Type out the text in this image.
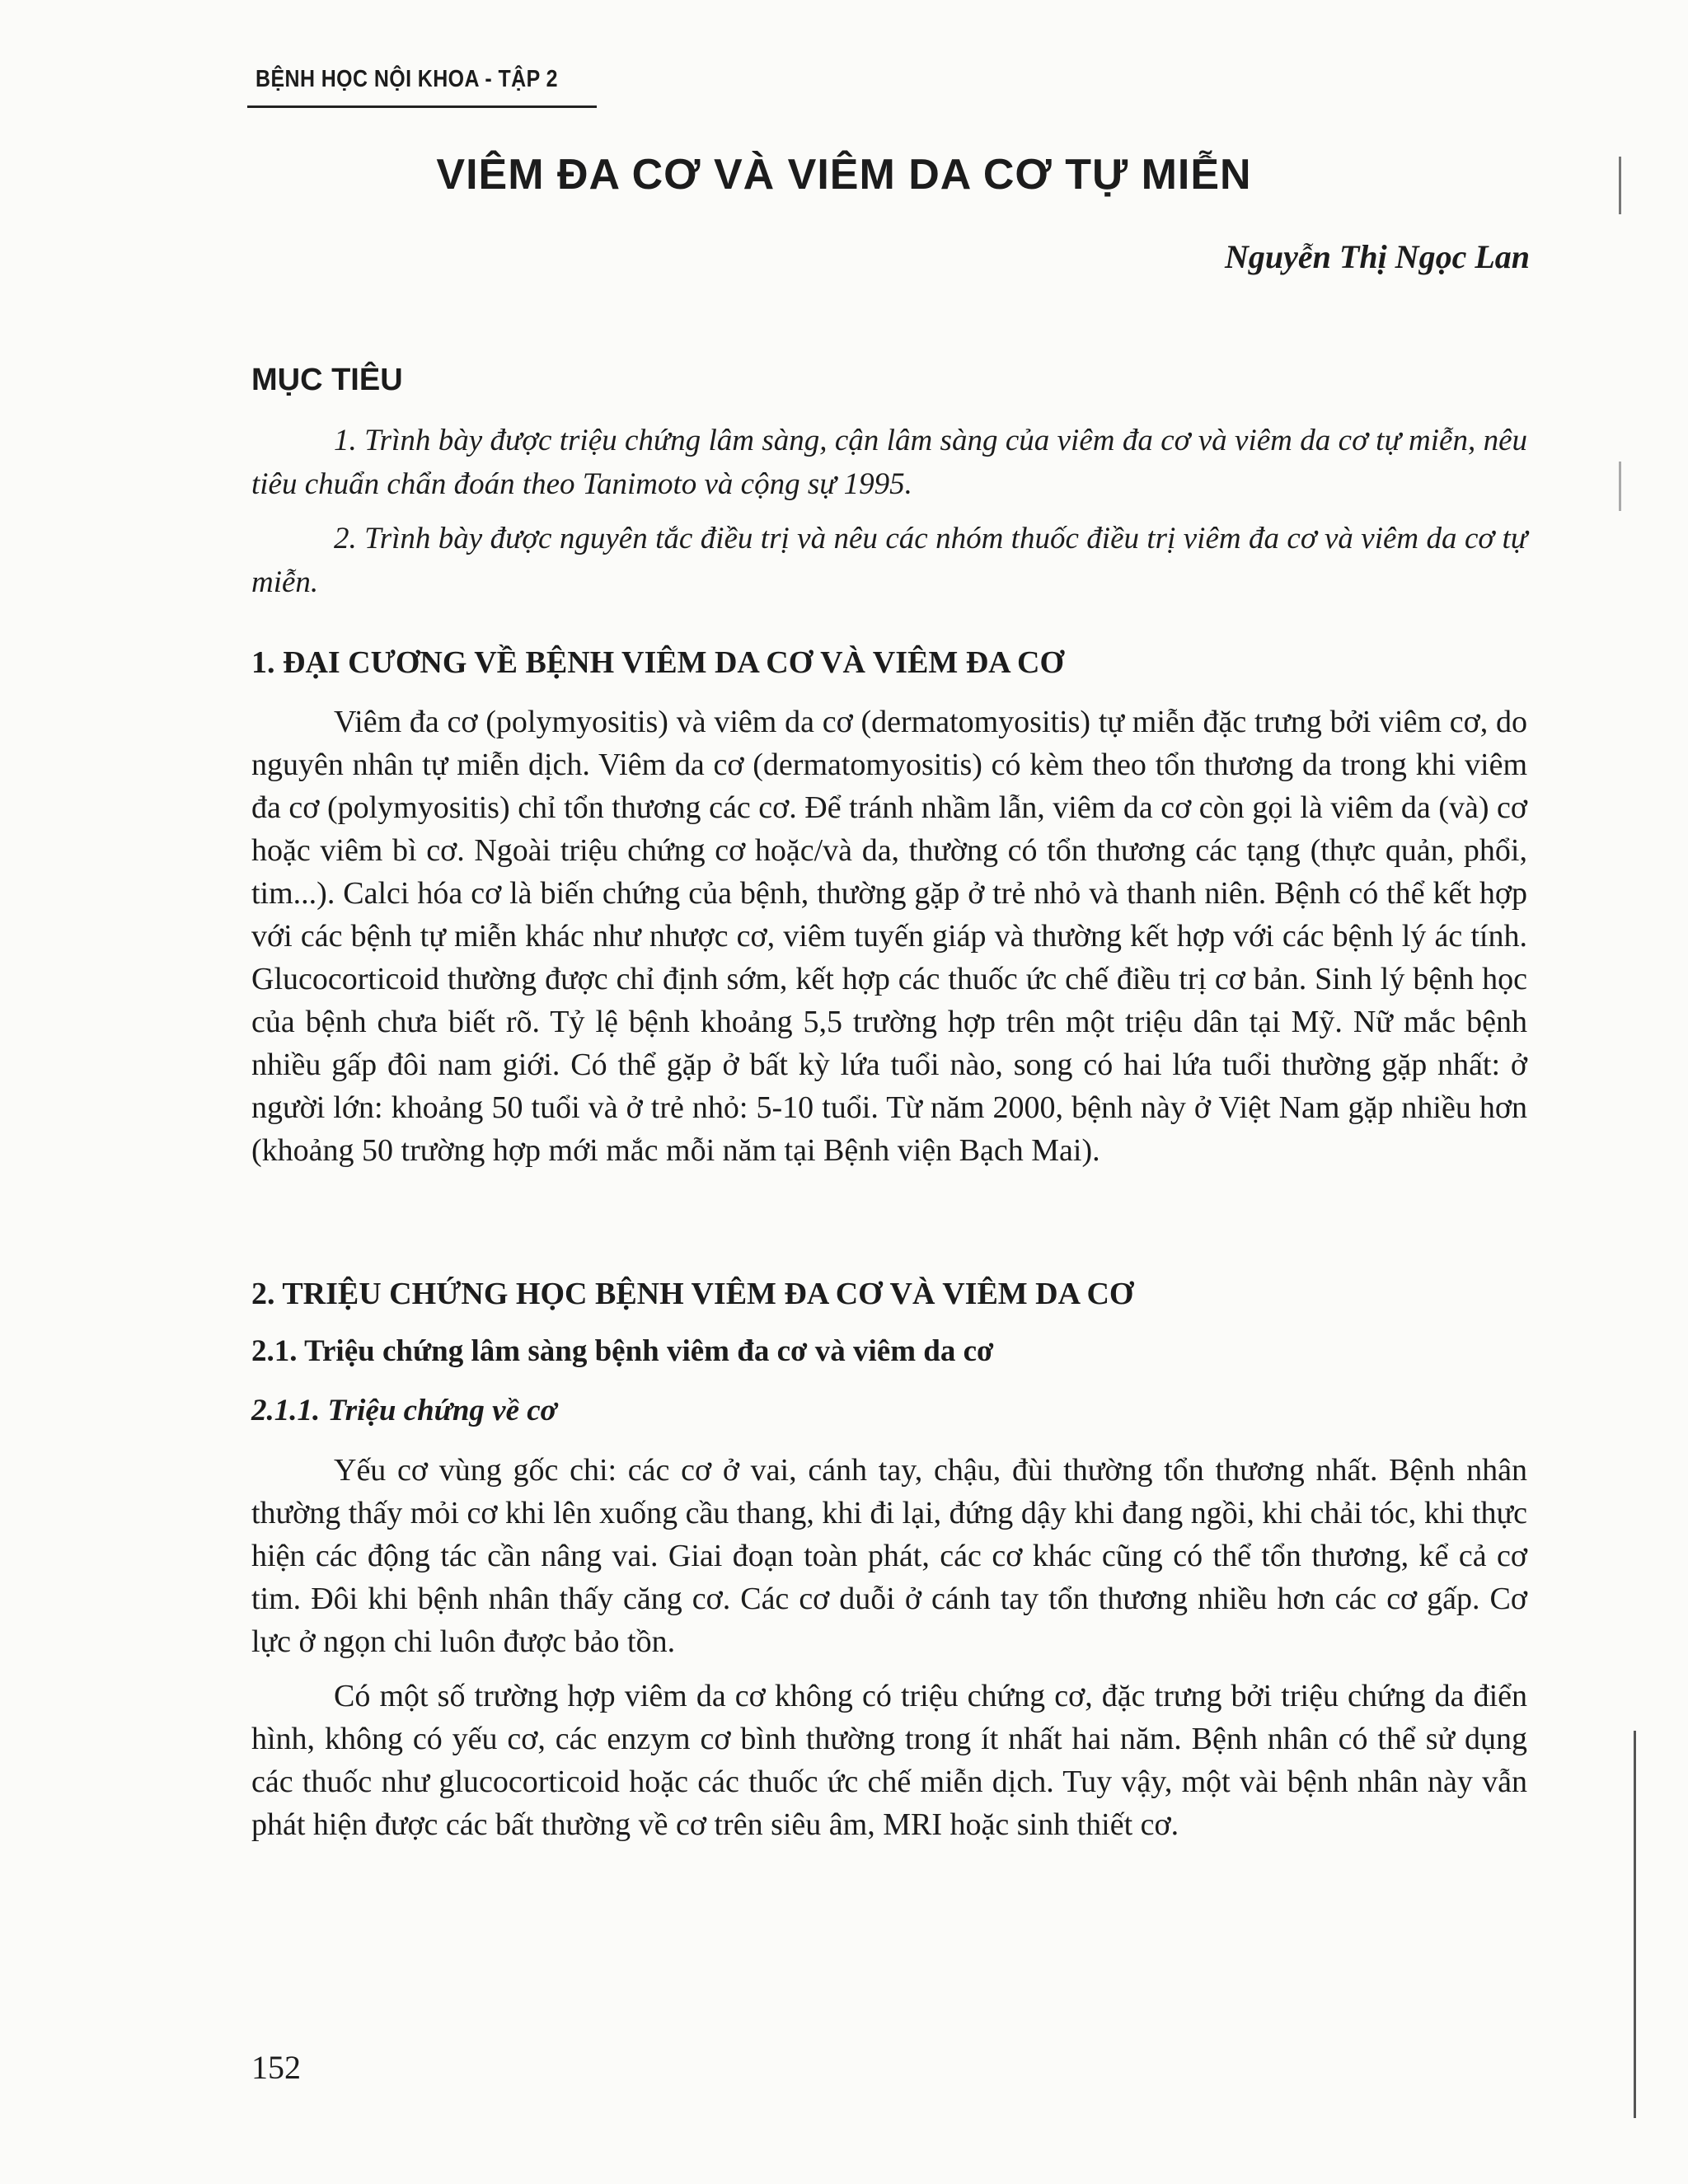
BỆNH HỌC NỘI KHOA - TẬP 2
VIÊM ĐA CƠ VÀ VIÊM DA CƠ TỰ MIỄN
Nguyễn Thị Ngọc Lan
MỤC TIÊU

1. Trình bày được triệu chứng lâm sàng, cận lâm sàng của viêm đa cơ và viêm da cơ tự miễn, nêu tiêu chuẩn chẩn đoán theo Tanimoto và cộng sự 1995.

2. Trình bày được nguyên tắc điều trị và nêu các nhóm thuốc điều trị viêm đa cơ và viêm da cơ tự miễn.

1. ĐẠI CƯƠNG VỀ BỆNH VIÊM DA CƠ VÀ VIÊM ĐA CƠ

Viêm đa cơ (polymyositis) và viêm da cơ (dermatomyositis) tự miễn đặc trưng bởi viêm cơ, do nguyên nhân tự miễn dịch. Viêm da cơ (dermatomyositis) có kèm theo tổn thương da trong khi viêm đa cơ (polymyositis) chỉ tổn thương các cơ. Để tránh nhầm lẫn, viêm da cơ còn gọi là viêm da (và) cơ hoặc viêm bì cơ. Ngoài triệu chứng cơ hoặc/và da, thường có tổn thương các tạng (thực quản, phổi, tim...). Calci hóa cơ là biến chứng của bệnh, thường gặp ở trẻ nhỏ và thanh niên. Bệnh có thể kết hợp với các bệnh tự miễn khác như nhược cơ, viêm tuyến giáp và thường kết hợp với các bệnh lý ác tính. Glucocorticoid thường được chỉ định sớm, kết hợp các thuốc ức chế điều trị cơ bản. Sinh lý bệnh học của bệnh chưa biết rõ. Tỷ lệ bệnh khoảng 5,5 trường hợp trên một triệu dân tại Mỹ. Nữ mắc bệnh nhiều gấp đôi nam giới. Có thể gặp ở bất kỳ lứa tuổi nào, song có hai lứa tuổi thường gặp nhất: ở người lớn: khoảng 50 tuổi và ở trẻ nhỏ: 5-10 tuổi. Từ năm 2000, bệnh này ở Việt Nam gặp nhiều hơn (khoảng 50 trường hợp mới mắc mỗi năm tại Bệnh viện Bạch Mai).

2. TRIỆU CHỨNG HỌC BỆNH VIÊM ĐA CƠ VÀ VIÊM DA CƠ
2.1. Triệu chứng lâm sàng bệnh viêm đa cơ và viêm da cơ
2.1.1. Triệu chứng về cơ

Yếu cơ vùng gốc chi: các cơ ở vai, cánh tay, chậu, đùi thường tổn thương nhất. Bệnh nhân thường thấy mỏi cơ khi lên xuống cầu thang, khi đi lại, đứng dậy khi đang ngồi, khi chải tóc, khi thực hiện các động tác cần nâng vai. Giai đoạn toàn phát, các cơ khác cũng có thể tổn thương, kể cả cơ tim. Đôi khi bệnh nhân thấy căng cơ. Các cơ duỗi ở cánh tay tổn thương nhiều hơn các cơ gấp. Cơ lực ở ngọn chi luôn được bảo tồn.

Có một số trường hợp viêm da cơ không có triệu chứng cơ, đặc trưng bởi triệu chứng da điển hình, không có yếu cơ, các enzym cơ bình thường trong ít nhất hai năm. Bệnh nhân có thể sử dụng các thuốc như glucocorticoid hoặc các thuốc ức chế miễn dịch. Tuy vậy, một vài bệnh nhân này vẫn phát hiện được các bất thường về cơ trên siêu âm, MRI hoặc sinh thiết cơ.

152
